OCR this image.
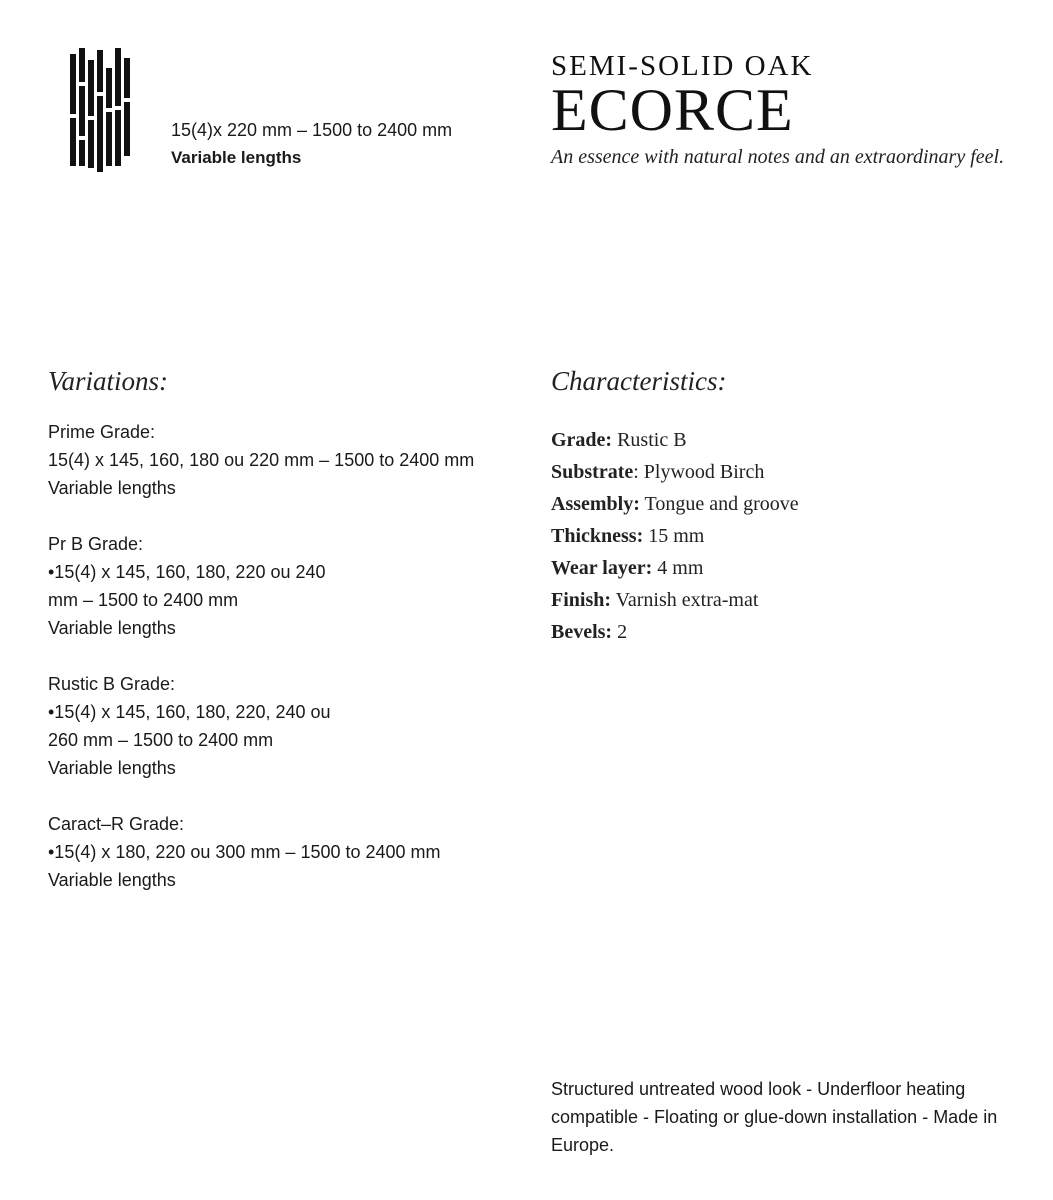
15(4)x 220 mm – 1500 to 2400 mm
Variable lengths
SEMI-SOLID OAK
ECORCE
An essence with natural notes and an extraordinary feel.
Variations:	Characteristics:
Prime Grade:
15(4) x 145, 160, 180 ou 220 mm – 1500 to 2400 mm
Variable lengths
Pr B Grade:
•15(4) x 145, 160, 180, 220 ou 240
mm – 1500 to 2400 mm
Variable lengths
Rustic B Grade:
•15(4) x 145, 160, 180, 220, 240 ou
260 mm – 1500 to 2400 mm
Variable lengths
Caract–R Grade:
•15(4) x 180, 220 ou 300 mm – 1500 to 2400 mm
Variable lengths
Grade: Rustic B
Substrate: Plywood Birch
Assembly: Tongue and groove
Thickness: 15 mm
Wear layer: 4 mm
Finish: Varnish extra-mat
Bevels: 2
Structured untreated wood look - Underfloor heating compatible - Floating or glue-down installation - Made in Europe.
